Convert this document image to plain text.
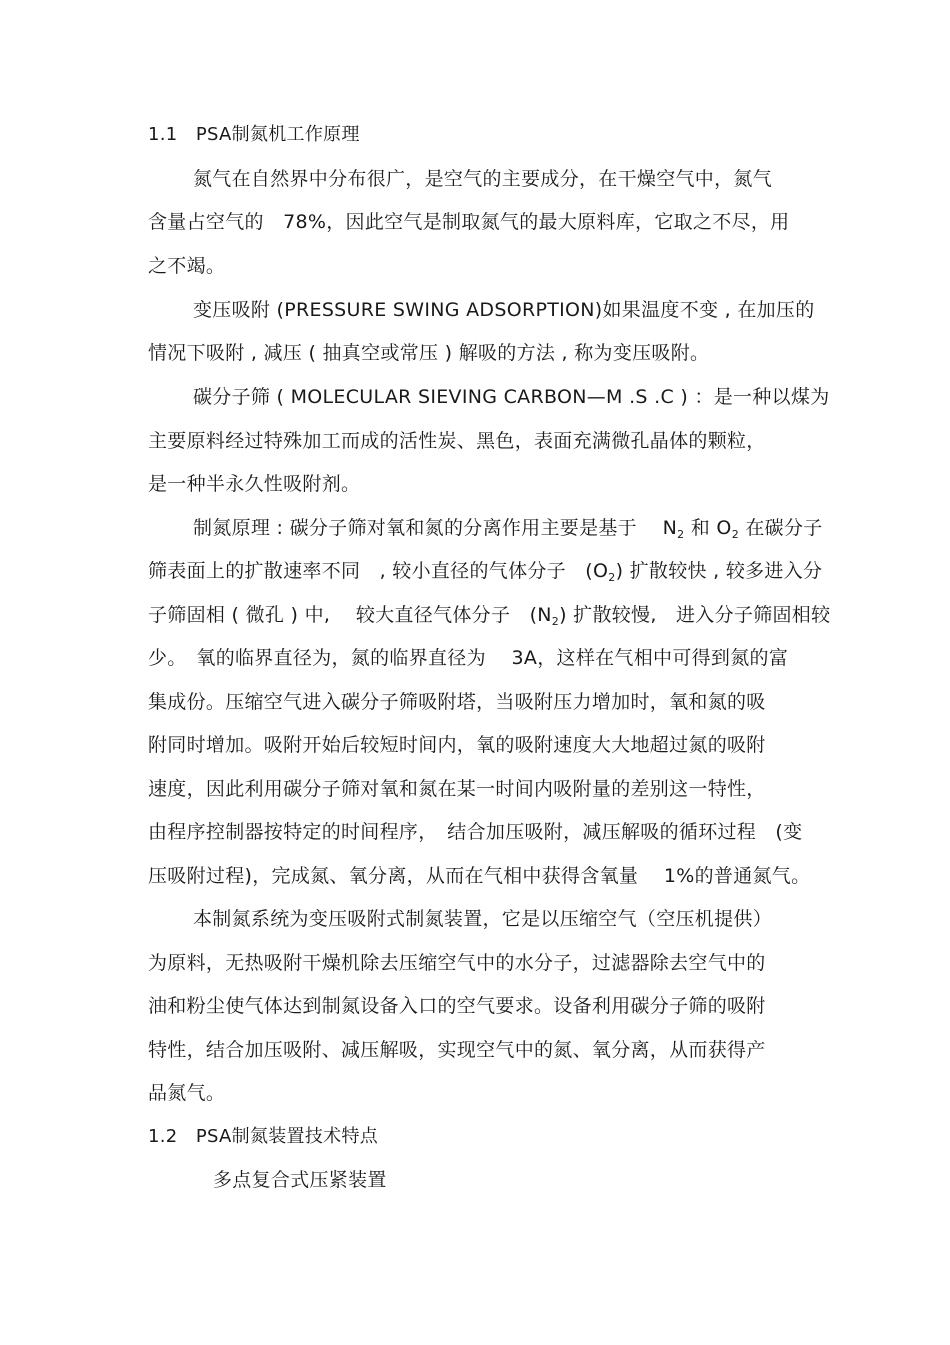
1.1　PSA制氮机工作原理
氮气在自然界中分布很广，是空气的主要成分，在干燥空气中，氮气
含量占空气的　78%，因此空气是制取氮气的最大原料库，它取之不尽，用
之不竭。
变压吸附 (PRESSURE SWING ADSORPTION)如果温度不变 , 在加压的
情况下吸附 , 减压 ( 抽真空或常压 ) 解吸的方法 , 称为变压吸附。
碳分子筛 ( MOLECULAR SIEVING CARBON—M .S .C ) ：是一种以煤为
主要原料经过特殊加工而成的活性炭、黑色，表面充满微孔晶体的颗粒，
是一种半永久性吸附剂。
制氮原理 : 碳分子筛对氧和氮的分离作用主要是基于　 $N_2$ 和 $O_2$ 在碳分子
筛表面上的扩散速率不同　, 较小直径的气体分子　$(O_2)$ 扩散较快 , 较多进入分
子筛固相 ( 微孔 ) 中,　 较大直径气体分子　$(N_2)$ 扩散较慢,　进入分子筛固相较
少。　氧的临界直径为，氮的临界直径为　 3A，这样在气相中可得到氮的富
集成份。压缩空气进入碳分子筛吸附塔，当吸附压力增加时，氧和氮的吸
附同时增加。吸附开始后较短时间内，氧的吸附速度大大地超过氮的吸附
速度，因此利用碳分子筛对氧和氮在某一时间内吸附量的差别这一特性，
由程序控制器按特定的时间程序，　结合加压吸附，减压解吸的循环过程　(变
压吸附过程)，完成氮、氧分离，从而在气相中获得含氧量　 1%的普通氮气。
本制氮系统为变压吸附式制氮装置，它是以压缩空气（空压机提供）
为原料，无热吸附干燥机除去压缩空气中的水分子，过滤器除去空气中的
油和粉尘使气体达到制氮设备入口的空气要求。设备利用碳分子筛的吸附
特性，结合加压吸附、减压解吸，实现空气中的氮、氧分离，从而获得产
品氮气。
1.2　PSA制氮装置技术特点
多点复合式压紧装置
